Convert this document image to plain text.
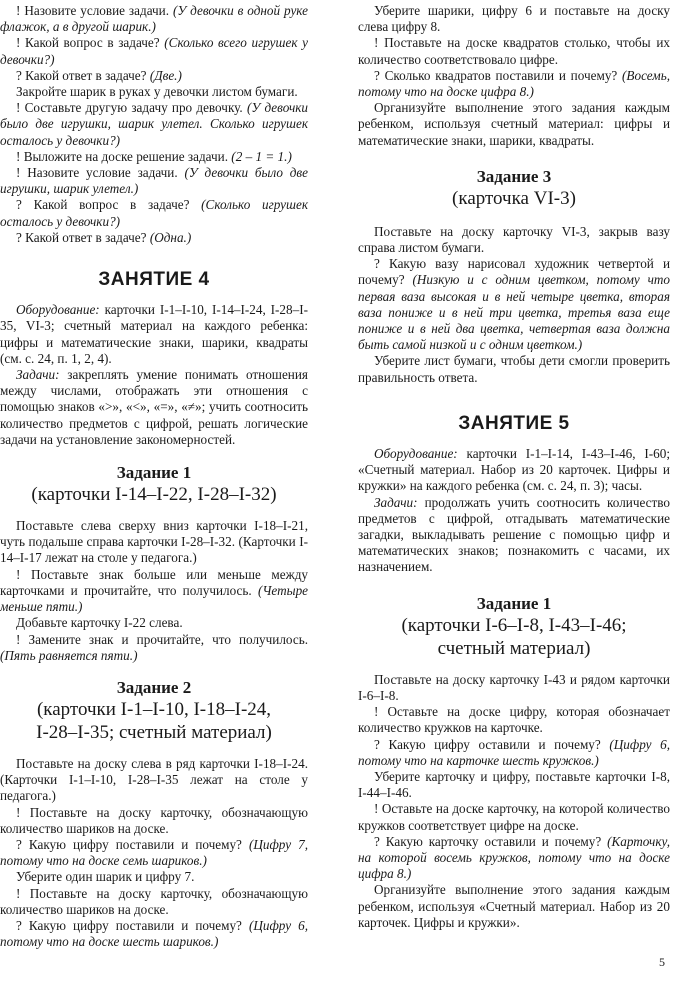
! Назовите условие задачи. (У девочки в одной руке флажок, а в другой шарик.)

! Какой вопрос в задаче? (Сколько всего игрушек у девочки?)

? Какой ответ в задаче? (Две.)

Закройте шарик в руках у девочки листом бумаги.

! Составьте другую задачу про девочку. (У девочки было две игрушки, шарик улетел. Сколько игрушек осталось у девочки?)

! Выложите на доске решение задачи. (2 – 1 = 1.)

! Назовите условие задачи. (У девочки было две игрушки, шарик улетел.)

? Какой вопрос в задаче? (Сколько игрушек осталось у девочки?)

? Какой ответ в задаче? (Одна.)

ЗАНЯТИЕ 4

Оборудование: карточки I-1–I-10, I-14–I-24, I-28–I-35, VI-3; счетный материал на каждого ребенка: цифры и математические знаки, шарики, квадраты (см. с. 24, п. 1, 2, 4).

Задачи: закреплять умение понимать отношения между числами, отображать эти отношения с помощью знаков «>», «<», «=», «≠»; учить соотносить количество предметов с цифрой, решать логические задачи на установление закономерностей.

Задание 1
(карточки I-14–I-22, I-28–I-32)

Поставьте слева сверху вниз карточки I-18–I-21, чуть подальше справа карточки I-28–I-32. (Карточки I-14–I-17 лежат на столе у педагога.)

! Поставьте знак больше или меньше между карточками и прочитайте, что получилось. (Четыре меньше пяти.)

Добавьте карточку I-22 слева.

! Замените знак и прочитайте, что получилось. (Пять равняется пяти.)

Задание 2
(карточки I-1–I-10, I-18–I-24,
I-28–I-35; счетный материал)

Поставьте на доску слева в ряд карточки I-18–I-24. (Карточки I-1–I-10, I-28–I-35 лежат на столе у педагога.)

! Поставьте на доску карточку, обозначающую количество шариков на доске.

? Какую цифру поставили и почему? (Цифру 7, потому что на доске семь шариков.)

Уберите один шарик и цифру 7.

! Поставьте на доску карточку, обозначающую количество шариков на доске.

? Какую цифру поставили и почему? (Цифру 6, потому что на доске шесть шариков.)

Уберите шарики, цифру 6 и поставьте на доску слева цифру 8.

! Поставьте на доске квадратов столько, чтобы их количество соответствовало цифре.

? Сколько квадратов поставили и почему? (Восемь, потому что на доске цифра 8.)

Организуйте выполнение этого задания каждым ребенком, используя счетный материал: цифры и математические знаки, шарики, квадраты.

Задание 3
(карточка VI-3)

Поставьте на доску карточку VI-3, закрыв вазу справа листом бумаги.

? Какую вазу нарисовал художник четвертой и почему? (Низкую и с одним цветком, потому что первая ваза высокая и в ней четыре цветка, вторая ваза пониже и в ней три цветка, третья ваза еще пониже и в ней два цветка, четвертая ваза должна быть самой низкой и с одним цветком.)

Уберите лист бумаги, чтобы дети смогли проверить правильность ответа.

ЗАНЯТИЕ 5

Оборудование: карточки I-1–I-14, I-43–I-46, I-60; «Счетный материал. Набор из 20 карточек. Цифры и кружки» на каждого ребенка (см. с. 24, п. 3); часы.

Задачи: продолжать учить соотносить количество предметов с цифрой, отгадывать математические загадки, выкладывать решение с помощью цифр и математических знаков; познакомить с часами, их назначением.

Задание 1
(карточки I-6–I-8, I-43–I-46;
счетный материал)

Поставьте на доску карточку I-43 и рядом карточки I-6–I-8.

! Оставьте на доске цифру, которая обозначает количество кружков на карточке.

? Какую цифру оставили и почему? (Цифру 6, потому что на карточке шесть кружков.)

Уберите карточку и цифру, поставьте карточки I-8, I-44–I-46.

! Оставьте на доске карточку, на которой количество кружков соответствует цифре на доске.

? Какую карточку оставили и почему? (Карточку, на которой восемь кружков, потому что на доске цифра 8.)

Организуйте выполнение этого задания каждым ребенком, используя «Счетный материал. Набор из 20 карточек. Цифры и кружки».

5
